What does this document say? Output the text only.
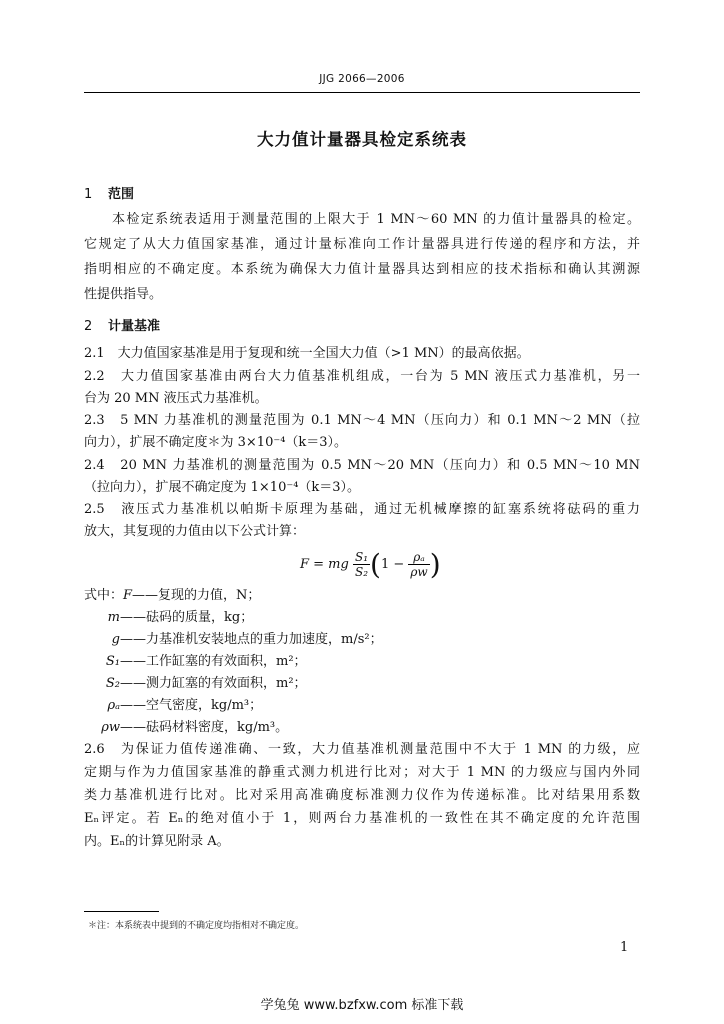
JJG 2066—2006
大力值计量器具检定系统表
1 范围
本检定系统表适用于测量范围的上限大于 1 MN～60 MN 的力值计量器具的检定。
它规定了从大力值国家基准，通过计量标准向工作计量器具进行传递的程序和方法，并
指明相应的不确定度。本系统为确保大力值计量器具达到相应的技术指标和确认其溯源
性提供指导。
2 计量基准
2.1　大力值国家基准是用于复现和统一全国大力值（>1 MN）的最高依据。
2.2　大力值国家基准由两台大力值基准机组成，一台为 5 MN 液压式力基准机，另一
台为 20 MN 液压式力基准机。
2.3　5 MN 力基准机的测量范围为 0.1 MN～4 MN（压向力）和 0.1 MN～2 MN（拉
向力），扩展不确定度＊为 3×10⁻⁴（k＝3）。
2.4　20 MN 力基准机的测量范围为 0.5 MN～20 MN（压向力）和 0.5 MN～10 MN
（拉向力），扩展不确定度为 1×10⁻⁴（k＝3）。
2.5　液压式力基准机以帕斯卡原理为基础，通过无机械摩擦的缸塞系统将砝码的重力
放大，其复现的力值由以下公式计算：
F = mg $\frac{\text{S₁}}{\text{S₂}} (1 - \frac{\text{ρₐ}}{\rho w}$ )
式中：F——复现的力值，N；
m——砝码的质量，kg；
g——力基准机安装地点的重力加速度，m/s²；
S₁——工作缸塞的有效面积，m²；
S₂——测力缸塞的有效面积，m²；
ρₐ——空气密度，kg/m³；
ρw——砝码材料密度，kg/m³。
2.6　为保证力值传递准确、一致，大力值基准机测量范围中不大于 1 MN 的力级，应
定期与作为力值国家基准的静重式测力机进行比对；对大于 1 MN 的力级应与国内外同
类力基准机进行比对。比对采用高准确度标准测力仪作为传递标准。比对结果用系数
Eₙ评定。若 Eₙ的绝对值小于 1，则两台力基准机的一致性在其不确定度的允许范围
内。Eₙ的计算见附录 A。
＊注：本系统表中提到的不确定度均指相对不确定度。
1
学兔兔 www.bzfxw.com 标准下载
